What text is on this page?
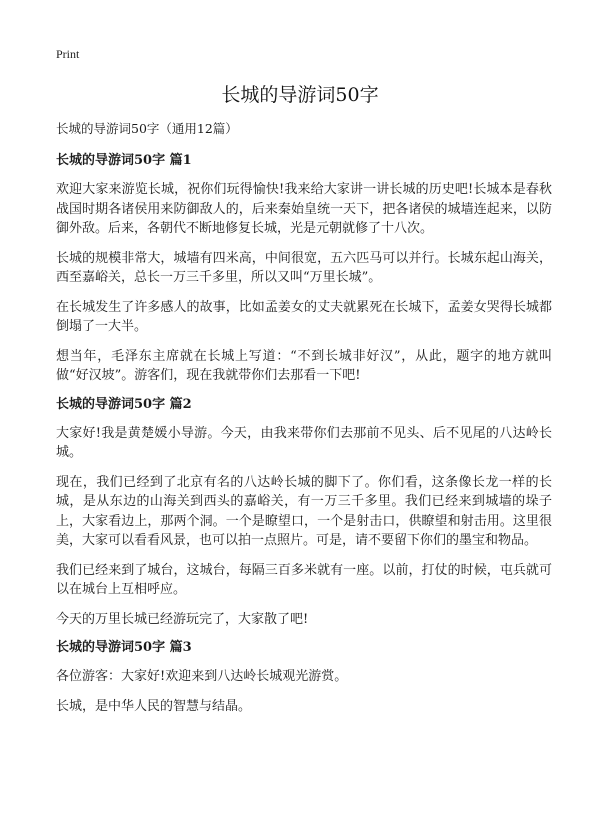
Print
长城的导游词50字

长城的导游词50字（通用12篇）

长城的导游词50字 篇1

欢迎大家来游览长城，祝你们玩得愉快!我来给大家讲一讲长城的历史吧!长城本是春秋战国时期各诸侯用来防御敌人的，后来秦始皇统一天下，把各诸侯的城墙连起来，以防御外敌。后来，各朝代不断地修复长城，光是元朝就修了十八次。

长城的规模非常大，城墙有四米高，中间很宽，五六匹马可以并行。长城东起山海关，西至嘉峪关，总长一万三千多里，所以又叫“万里长城”。

在长城发生了许多感人的故事，比如孟姜女的丈夫就累死在长城下，孟姜女哭得长城都倒塌了一大半。

想当年，毛泽东主席就在长城上写道：“不到长城非好汉”，从此，题字的地方就叫做“好汉坡”。游客们，现在我就带你们去那看一下吧!

长城的导游词50字 篇2

大家好!我是黄楚媛小导游。今天，由我来带你们去那前不见头、后不见尾的八达岭长城。

现在，我们已经到了北京有名的八达岭长城的脚下了。你们看，这条像长龙一样的长城，是从东边的山海关到西头的嘉峪关，有一万三千多里。我们已经来到城墙的垛子上，大家看边上，那两个洞。一个是瞭望口，一个是射击口，供瞭望和射击用。这里很美，大家可以看看风景，也可以拍一点照片。可是，请不要留下你们的墨宝和物品。

我们已经来到了城台，这城台，每隔三百多米就有一座。以前，打仗的时候，屯兵就可以在城台上互相呼应。

今天的万里长城已经游玩完了，大家散了吧!

长城的导游词50字 篇3

各位游客：大家好!欢迎来到八达岭长城观光游赏。

长城，是中华人民的智慧与结晶。
